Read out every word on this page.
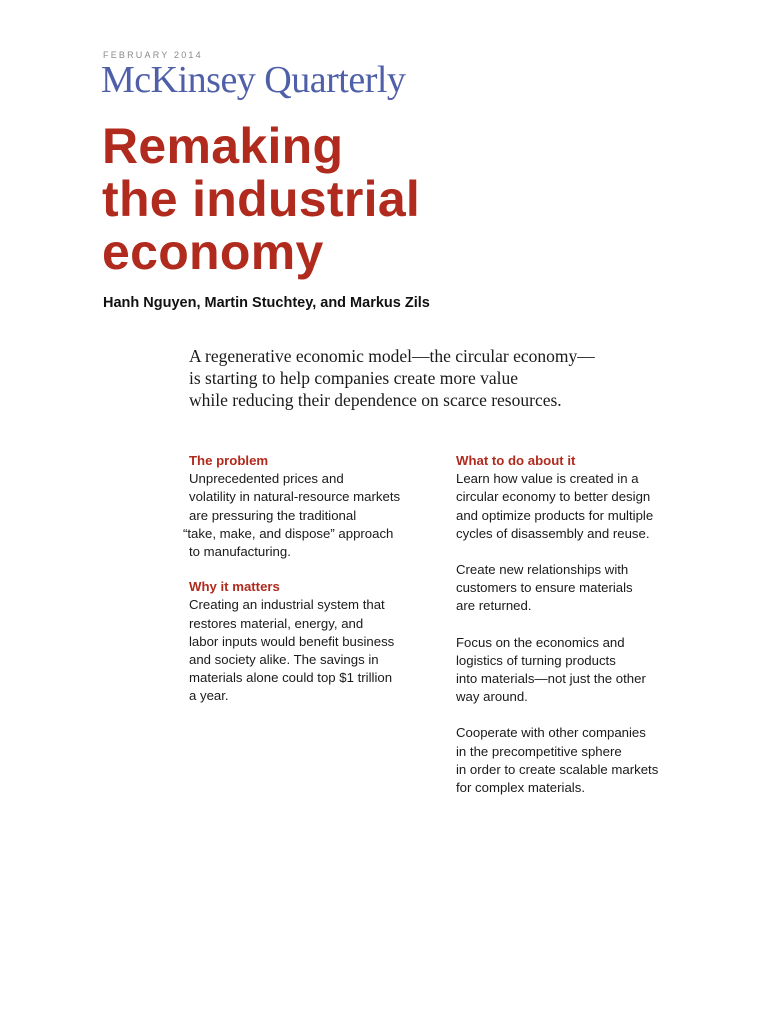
FEBRUARY 2014
McKinsey Quarterly
Remaking
the industrial
economy
Hanh Nguyen, Martin Stuchtey, and Markus Zils
A regenerative economic model—the circular economy—
is starting to help companies create more value
while reducing their dependence on scarce resources.
The problem
Unprecedented prices and
volatility in natural-resource markets
are pressuring the traditional
“take, make, and dispose” approach
to manufacturing.
Why it matters
Creating an industrial system that
restores material, energy, and
labor inputs would benefit business
and society alike. The savings in
materials alone could top $1 trillion
a year.
What to do about it
Learn how value is created in a
circular economy to better design
and optimize products for multiple
cycles of disassembly and reuse.
Create new relationships with
customers to ensure materials
are returned.
Focus on the economics and
logistics of turning products
into materials—not just the other
way around.
Cooperate with other companies
in the precompetitive sphere
in order to create scalable markets
for complex materials.
